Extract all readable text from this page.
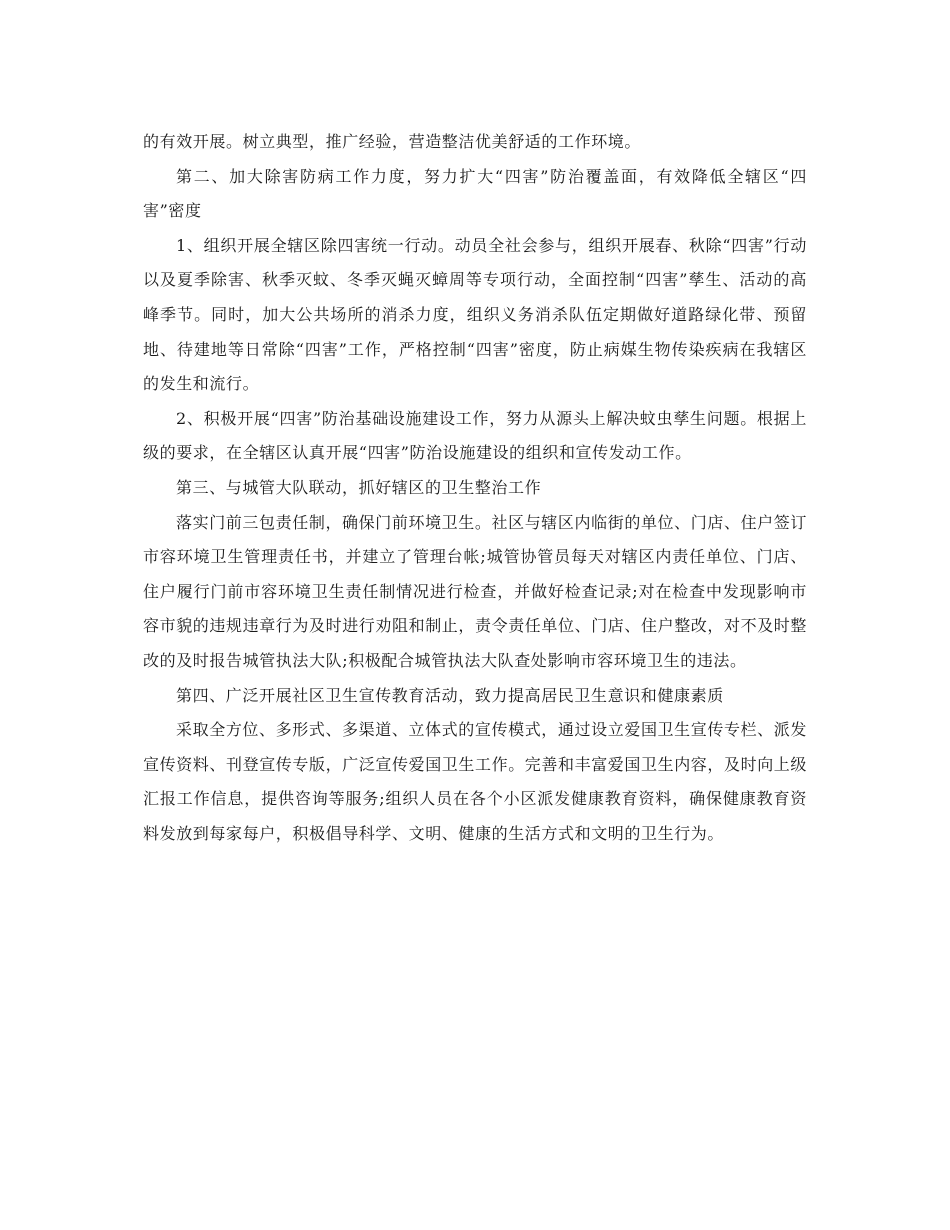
的有效开展。树立典型，推广经验，营造整洁优美舒适的工作环境。

第二、加大除害防病工作力度，努力扩大“四害”防治覆盖面，有效降低全辖区“四害”密度

1、组织开展全辖区除四害统一行动。动员全社会参与，组织开展春、秋除“四害”行动以及夏季除害、秋季灭蚊、冬季灭蝇灭蟑周等专项行动，全面控制“四害”孳生、活动的高峰季节。同时，加大公共场所的消杀力度，组织义务消杀队伍定期做好道路绿化带、预留地、待建地等日常除“四害”工作，严格控制“四害”密度，防止病媒生物传染疾病在我辖区的发生和流行。

2、积极开展“四害”防治基础设施建设工作，努力从源头上解决蚊虫孳生问题。根据上级的要求，在全辖区认真开展“四害”防治设施建设的组织和宣传发动工作。

第三、与城管大队联动，抓好辖区的卫生整治工作

落实门前三包责任制，确保门前环境卫生。社区与辖区内临街的单位、门店、住户签订市容环境卫生管理责任书，并建立了管理台帐;城管协管员每天对辖区内责任单位、门店、住户履行门前市容环境卫生责任制情况进行检查，并做好检查记录;对在检查中发现影响市容市貌的违规违章行为及时进行劝阻和制止，责令责任单位、门店、住户整改，对不及时整改的及时报告城管执法大队;积极配合城管执法大队查处影响市容环境卫生的违法。

第四、广泛开展社区卫生宣传教育活动，致力提高居民卫生意识和健康素质

采取全方位、多形式、多渠道、立体式的宣传模式，通过设立爱国卫生宣传专栏、派发宣传资料、刊登宣传专版，广泛宣传爱国卫生工作。完善和丰富爱国卫生内容，及时向上级汇报工作信息，提供咨询等服务;组织人员在各个小区派发健康教育资料，确保健康教育资料发放到每家每户，积极倡导科学、文明、健康的生活方式和文明的卫生行为。
